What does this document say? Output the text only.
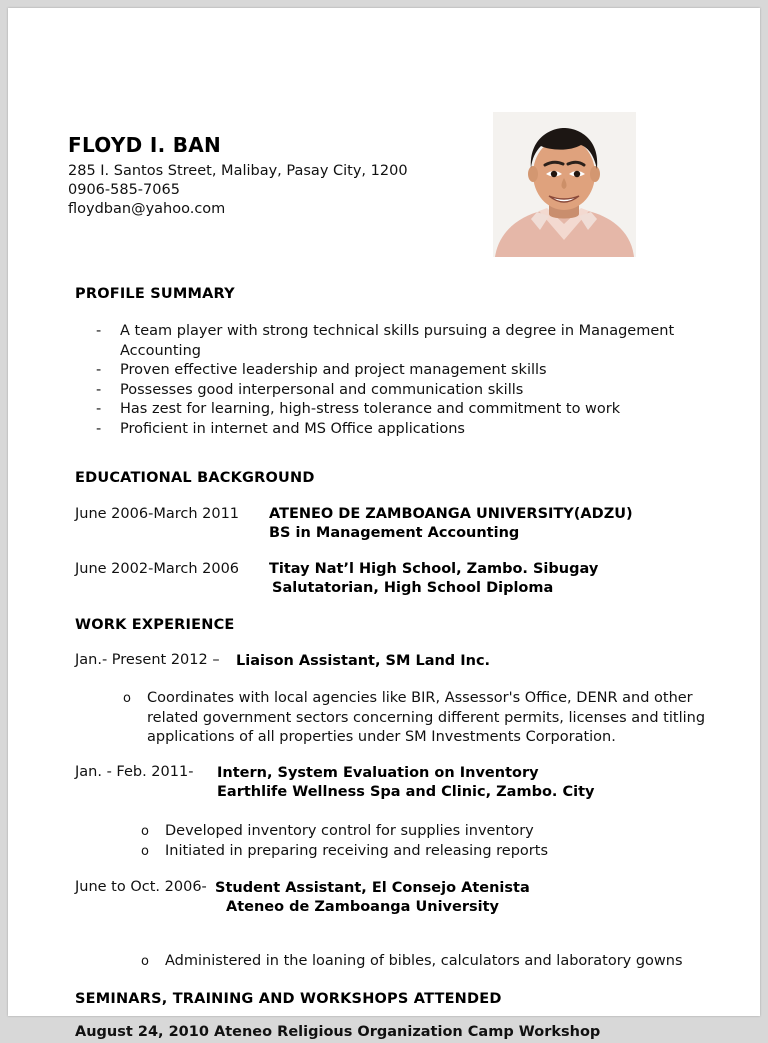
FLOYD I. BAN
285 I. Santos Street, Malibay, Pasay City, 1200
0906-585-7065
floydban@yahoo.com
PROFILE SUMMARY
- A team player with strong technical skills pursuing a degree in Management Accounting
- Proven effective leadership and project management skills
- Possesses good interpersonal and communication skills
- Has zest for learning, high-stress tolerance and commitment to work
- Proficient in internet and MS Office applications
EDUCATIONAL BACKGROUND
June 2006-March 2011 ATENEO DE ZAMBOANGA UNIVERSITY(ADZU)
BS in Management Accounting
June 2002-March 2006 Titay Nat’l High School, Zambo. Sibugay
Salutatorian, High School Diploma
WORK EXPERIENCE
Jan.- Present 2012 – Liaison Assistant, SM Land Inc.
o Coordinates with local agencies like BIR, Assessor's Office, DENR and other related government sectors concerning different permits, licenses and titling applications of all properties under SM Investments Corporation.
Jan. - Feb. 2011- Intern, System Evaluation on Inventory
Earthlife Wellness Spa and Clinic, Zambo. City
o Developed inventory control for supplies inventory
o Initiated in preparing receiving and releasing reports
June to Oct. 2006- Student Assistant, El Consejo Atenista
Ateneo de Zamboanga University
o Administered in the loaning of bibles, calculators and laboratory gowns
SEMINARS, TRAINING AND WORKSHOPS ATTENDED
August 24, 2010 Ateneo Religious Organization Camp Workshop
